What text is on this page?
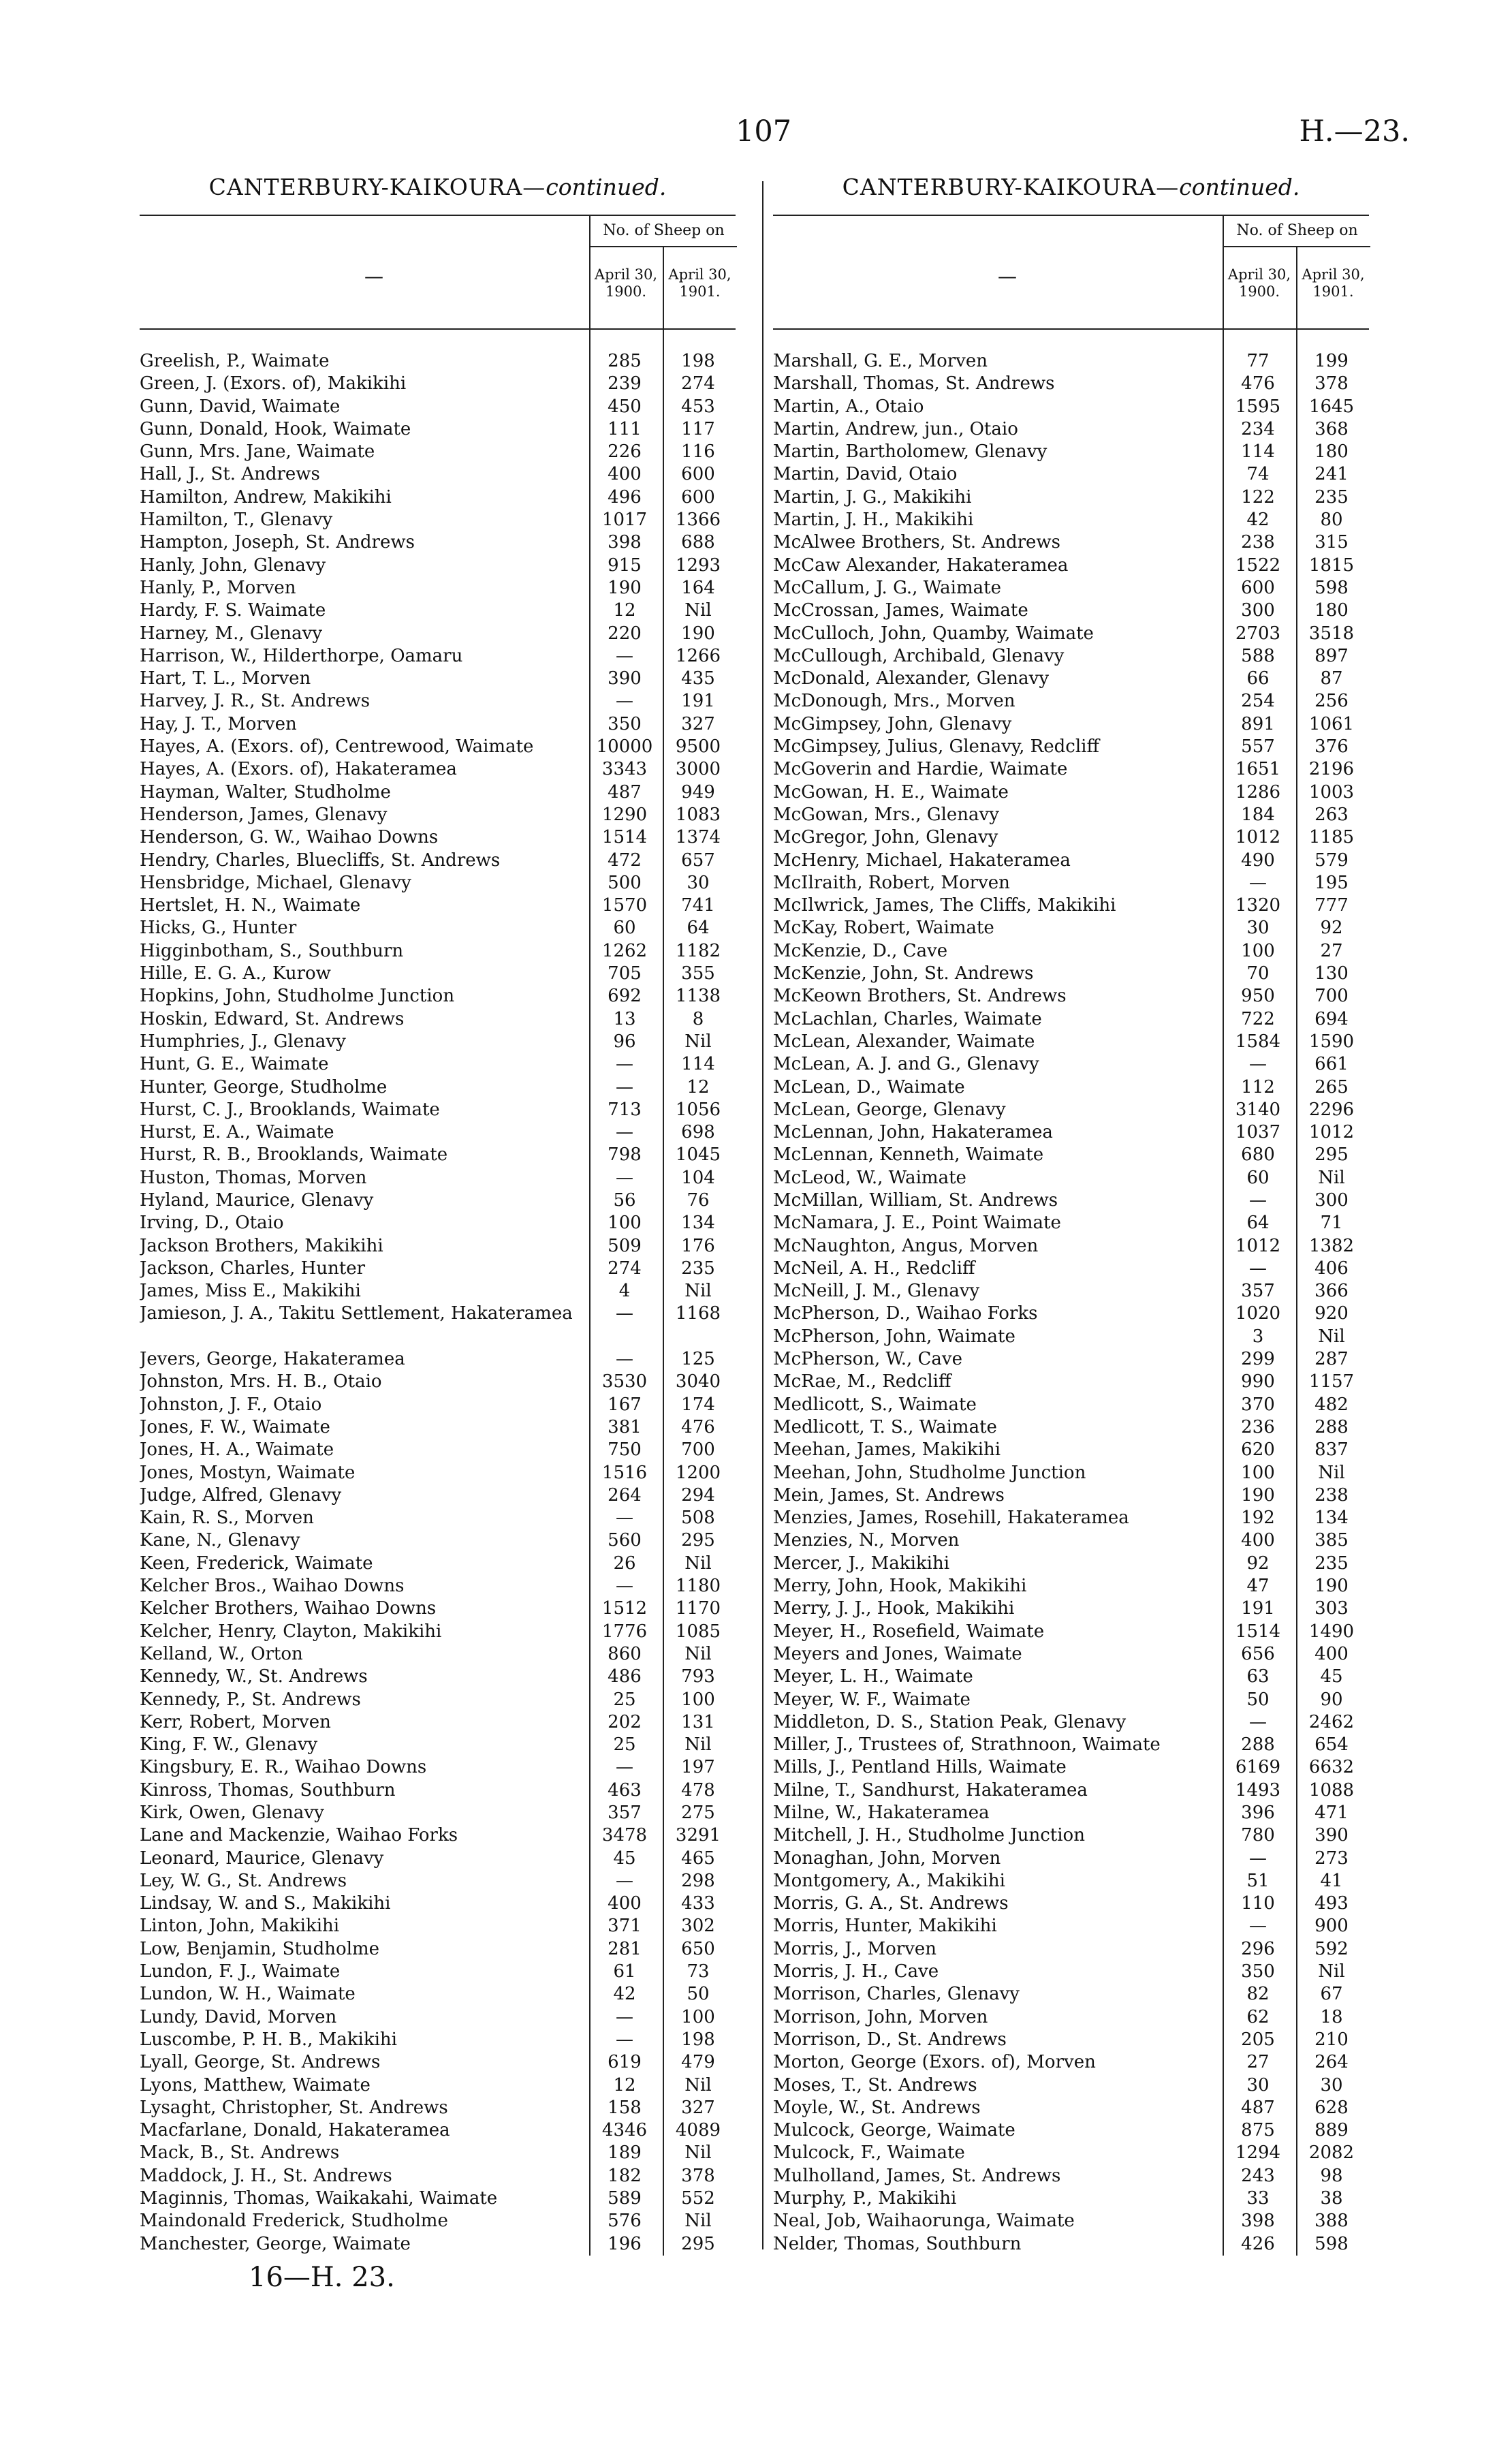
107	H.—23.
CANTERBURY-KAIKOURA—continued.
—
No. of Sheep on
April 30, 1900.
April 30, 1901.
Greelish, P., Waimate	285	198
Green, J. (Exors. of), Makikihi	239	274
Gunn, David, Waimate	450	453
Gunn, Donald, Hook, Waimate	111	117
Gunn, Mrs. Jane, Waimate	226	116
Hall, J., St. Andrews	400	600
Hamilton, Andrew, Makikihi	496	600
Hamilton, T., Glenavy	1017	1366
Hampton, Joseph, St. Andrews	398	688
Hanly, John, Glenavy	915	1293
Hanly, P., Morven	190	164
Hardy, F. S. Waimate	12	Nil
Harney, M., Glenavy	220	190
Harrison, W., Hilderthorpe, Oamaru	—	1266
Hart, T. L., Morven	390	435
Harvey, J. R., St. Andrews	—	191
Hay, J. T., Morven	350	327
Hayes, A. (Exors. of), Centrewood, Waimate	10000	9500
Hayes, A. (Exors. of), Hakateramea	3343	3000
Hayman, Walter, Studholme	487	949
Henderson, James, Glenavy	1290	1083
Henderson, G. W., Waihao Downs	1514	1374
Hendry, Charles, Bluecliffs, St. Andrews	472	657
Hensbridge, Michael, Glenavy	500	30
Hertslet, H. N., Waimate	1570	741
Hicks, G., Hunter	60	64
Higginbotham, S., Southburn	1262	1182
Hille, E. G. A., Kurow	705	355
Hopkins, John, Studholme Junction	692	1138
Hoskin, Edward, St. Andrews	13	8
Humphries, J., Glenavy	96	Nil
Hunt, G. E., Waimate	—	114
Hunter, George, Studholme	—	12
Hurst, C. J., Brooklands, Waimate	713	1056
Hurst, E. A., Waimate	—	698
Hurst, R. B., Brooklands, Waimate	798	1045
Huston, Thomas, Morven	—	104
Hyland, Maurice, Glenavy	56	76
Irving, D., Otaio	100	134
Jackson Brothers, Makikihi	509	176
Jackson, Charles, Hunter	274	235
James, Miss E., Makikihi	4	Nil
Jamieson, J. A., Takitu Settlement, Hakateramea	—	1168
Jevers, George, Hakateramea	—	125
Johnston, Mrs. H. B., Otaio	3530	3040
Johnston, J. F., Otaio	167	174
Jones, F. W., Waimate	381	476
Jones, H. A., Waimate	750	700
Jones, Mostyn, Waimate	1516	1200
Judge, Alfred, Glenavy	264	294
Kain, R. S., Morven	—	508
Kane, N., Glenavy	560	295
Keen, Frederick, Waimate	26	Nil
Kelcher Bros., Waihao Downs	—	1180
Kelcher Brothers, Waihao Downs	1512	1170
Kelcher, Henry, Clayton, Makikihi	1776	1085
Kelland, W., Orton	860	Nil
Kennedy, W., St. Andrews	486	793
Kennedy, P., St. Andrews	25	100
Kerr, Robert, Morven	202	131
King, F. W., Glenavy	25	Nil
Kingsbury, E. R., Waihao Downs	—	197
Kinross, Thomas, Southburn	463	478
Kirk, Owen, Glenavy	357	275
Lane and Mackenzie, Waihao Forks	3478	3291
Leonard, Maurice, Glenavy	45	465
Ley, W. G., St. Andrews	—	298
Lindsay, W. and S., Makikihi	400	433
Linton, John, Makikihi	371	302
Low, Benjamin, Studholme	281	650
Lundon, F. J., Waimate	61	73
Lundon, W. H., Waimate	42	50
Lundy, David, Morven	—	100
Luscombe, P. H. B., Makikihi	—	198
Lyall, George, St. Andrews	619	479
Lyons, Matthew, Waimate	12	Nil
Lysaght, Christopher, St. Andrews	158	327
Macfarlane, Donald, Hakateramea	4346	4089
Mack, B., St. Andrews	189	Nil
Maddock, J. H., St. Andrews	182	378
Maginnis, Thomas, Waikakahi, Waimate	589	552
Maindonald Frederick, Studholme	576	Nil
Manchester, George, Waimate	196	295
CANTERBURY-KAIKOURA—continued.
—
No. of Sheep on
April 30, 1900.
April 30, 1901.
Marshall, G. E., Morven	77	199
Marshall, Thomas, St. Andrews	476	378
Martin, A., Otaio	1595	1645
Martin, Andrew, jun., Otaio	234	368
Martin, Bartholomew, Glenavy	114	180
Martin, David, Otaio	74	241
Martin, J. G., Makikihi	122	235
Martin, J. H., Makikihi	42	80
McAlwee Brothers, St. Andrews	238	315
McCaw Alexander, Hakateramea	1522	1815
McCallum, J. G., Waimate	600	598
McCrossan, James, Waimate	300	180
McCulloch, John, Quamby, Waimate	2703	3518
McCullough, Archibald, Glenavy	588	897
McDonald, Alexander, Glenavy	66	87
McDonough, Mrs., Morven	254	256
McGimpsey, John, Glenavy	891	1061
McGimpsey, Julius, Glenavy, Redcliff	557	376
McGoverin and Hardie, Waimate	1651	2196
McGowan, H. E., Waimate	1286	1003
McGowan, Mrs., Glenavy	184	263
McGregor, John, Glenavy	1012	1185
McHenry, Michael, Hakateramea	490	579
McIlraith, Robert, Morven	—	195
McIlwrick, James, The Cliffs, Makikihi	1320	777
McKay, Robert, Waimate	30	92
McKenzie, D., Cave	100	27
McKenzie, John, St. Andrews	70	130
McKeown Brothers, St. Andrews	950	700
McLachlan, Charles, Waimate	722	694
McLean, Alexander, Waimate	1584	1590
McLean, A. J. and G., Glenavy	—	661
McLean, D., Waimate	112	265
McLean, George, Glenavy	3140	2296
McLennan, John, Hakateramea	1037	1012
McLennan, Kenneth, Waimate	680	295
McLeod, W., Waimate	60	Nil
McMillan, William, St. Andrews	—	300
McNamara, J. E., Point Waimate	64	71
McNaughton, Angus, Morven	1012	1382
McNeil, A. H., Redcliff	—	406
McNeill, J. M., Glenavy	357	366
McPherson, D., Waihao Forks	1020	920
McPherson, John, Waimate	3	Nil
McPherson, W., Cave	299	287
McRae, M., Redcliff	990	1157
Medlicott, S., Waimate	370	482
Medlicott, T. S., Waimate	236	288
Meehan, James, Makikihi	620	837
Meehan, John, Studholme Junction	100	Nil
Mein, James, St. Andrews	190	238
Menzies, James, Rosehill, Hakateramea	192	134
Menzies, N., Morven	400	385
Mercer, J., Makikihi	92	235
Merry, John, Hook, Makikihi	47	190
Merry, J. J., Hook, Makikihi	191	303
Meyer, H., Rosefield, Waimate	1514	1490
Meyers and Jones, Waimate	656	400
Meyer, L. H., Waimate	63	45
Meyer, W. F., Waimate	50	90
Middleton, D. S., Station Peak, Glenavy	—	2462
Miller, J., Trustees of, Strathnoon, Waimate	288	654
Mills, J., Pentland Hills, Waimate	6169	6632
Milne, T., Sandhurst, Hakateramea	1493	1088
Milne, W., Hakateramea	396	471
Mitchell, J. H., Studholme Junction	780	390
Monaghan, John, Morven	—	273
Montgomery, A., Makikihi	51	41
Morris, G. A., St. Andrews	110	493
Morris, Hunter, Makikihi	—	900
Morris, J., Morven	296	592
Morris, J. H., Cave	350	Nil
Morrison, Charles, Glenavy	82	67
Morrison, John, Morven	62	18
Morrison, D., St. Andrews	205	210
Morton, George (Exors. of), Morven	27	264
Moses, T., St. Andrews	30	30
Moyle, W., St. Andrews	487	628
Mulcock, George, Waimate	875	889
Mulcock, F., Waimate	1294	2082
Mulholland, James, St. Andrews	243	98
Murphy, P., Makikihi	33	38
Neal, Job, Waihaorunga, Waimate	398	388
Nelder, Thomas, Southburn	426	598
16—H. 23.
